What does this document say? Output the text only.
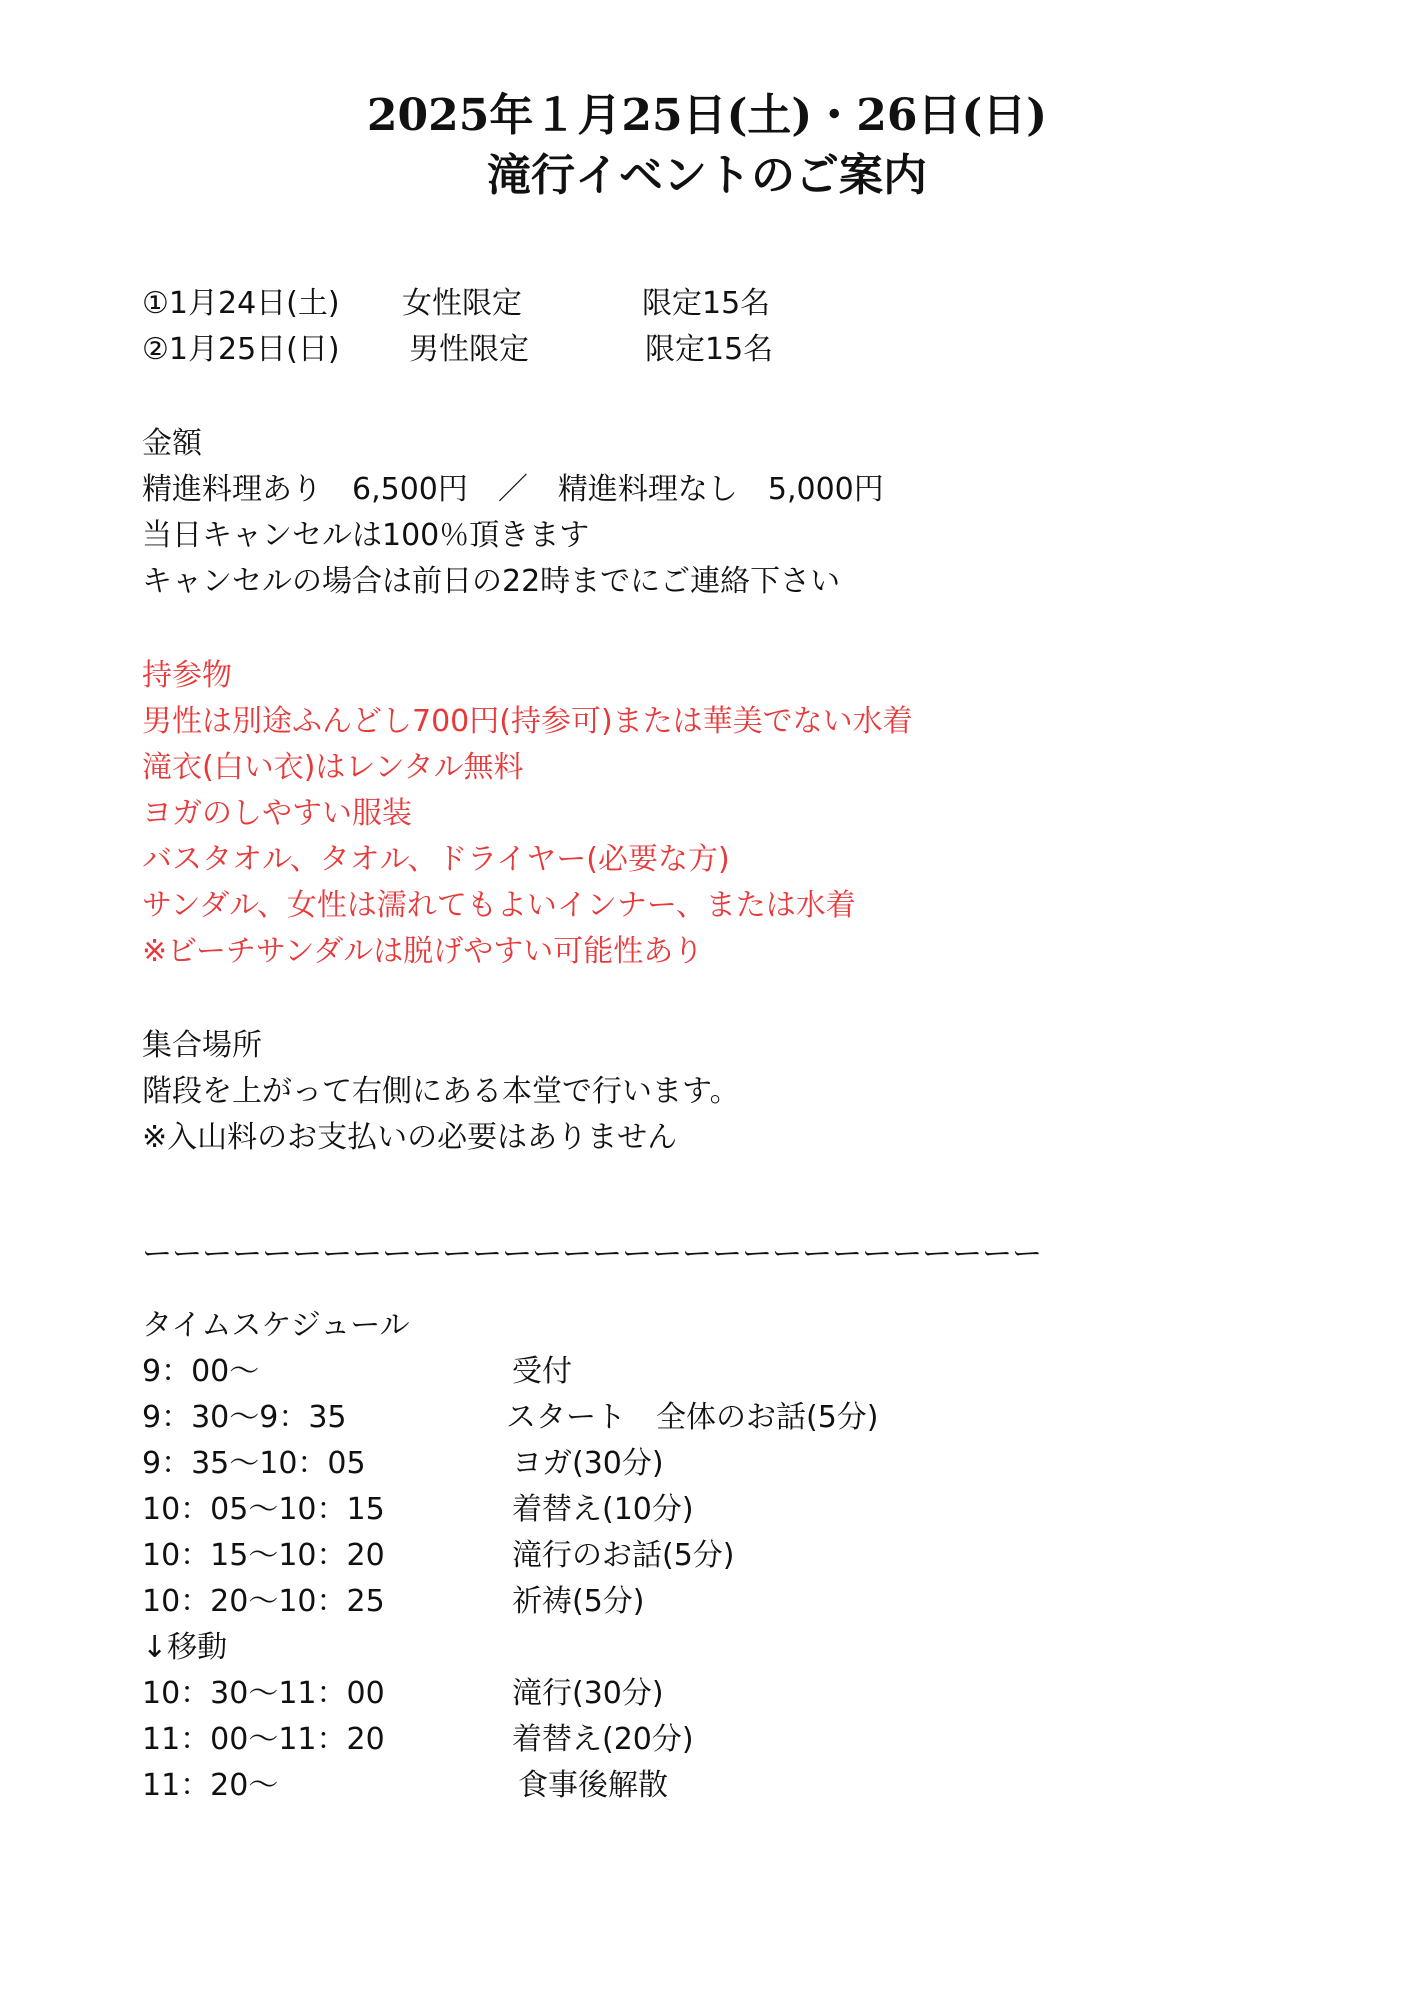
2025年１月25日(土)・26日(日)
滝行イベントのご案内
①1月24日(土) 女性限定	限定15名
②1月25日(日) 男性限定	限定15名
金額
精進料理あり　6,500円　／　精進料理なし　5,000円
当日キャンセルは100％頂きます
キャンセルの場合は前日の22時までにご連絡下さい
持参物
男性は別途ふんどし700円(持参可)または華美でない水着
滝衣(白い衣)はレンタル無料
ヨガのしやすい服装
バスタオル、タオル、ドライヤー(必要な方)
サンダル、女性は濡れてもよいインナー、または水着
※ビーチサンダルは脱げやすい可能性あり
集合場所
階段を上がって右側にある本堂で行います。
※入山料のお支払いの必要はありません
ーーーーーーーーーーーーーーーーーーーーーーーーーーーーーー
タイムスケジュール
9：00～	受付
9：30～9：35	スタート　全体のお話(5分)
9：35～10：05	ヨガ(30分)
10：05～10：15	着替え(10分)
10：15～10：20	滝行のお話(5分)
10：20～10：25	祈祷(5分)
↓移動
10：30～11：00	滝行(30分)
11：00～11：20	着替え(20分)
11：20～	食事後解散
